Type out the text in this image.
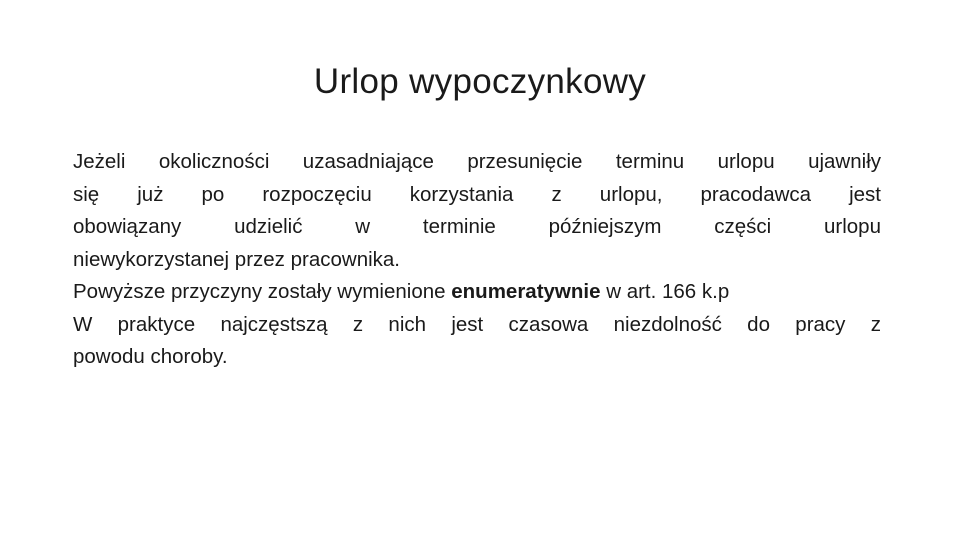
Urlop wypoczynkowy
Jeżeli okoliczności uzasadniające przesunięcie terminu urlopu ujawniły
się już po rozpoczęciu korzystania z urlopu, pracodawca jest
obowiązany udzielić w terminie późniejszym części urlopu
niewykorzystanej przez pracownika.
Powyższe przyczyny zostały wymienione enumeratywnie w art. 166 k.p
W praktyce najczęstszą z nich jest czasowa niezdolność do pracy z
powodu choroby.
